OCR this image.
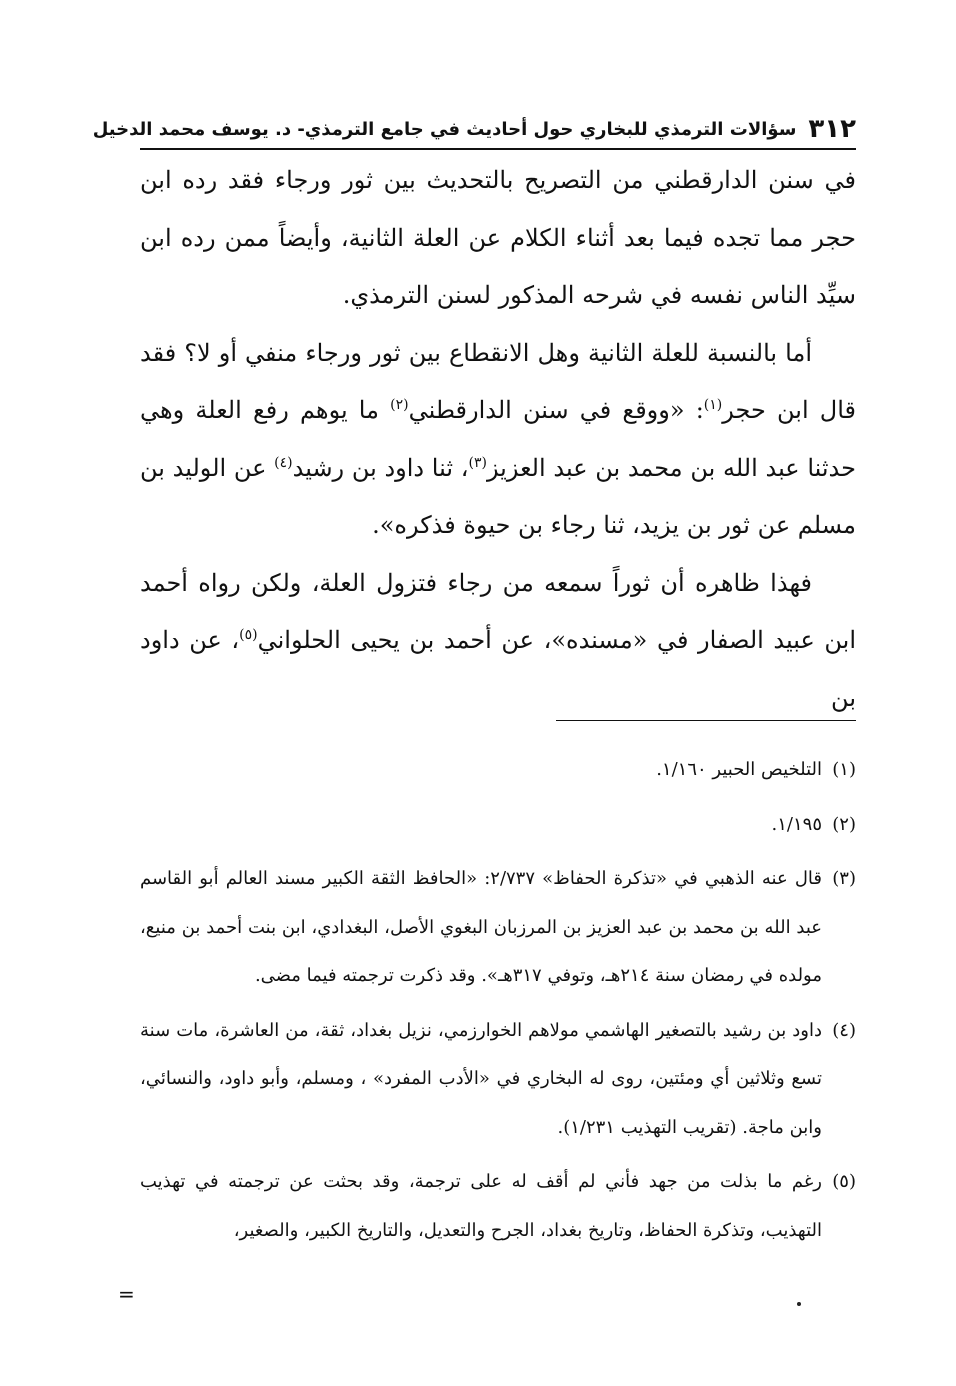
٣١٢
سؤالات الترمذي للبخاري حول أحاديث في جامع الترمذي- د. يوسف محمد الدخيل

في سنن الدارقطني من التصريح بالتحديث بين ثور ورجاء فقد رده ابن حجر مما تجده فيما بعد أثناء الكلام عن العلة الثانية، وأيضاً ممن رده ابن سيِّد الناس نفسه في شرحه المذكور لسنن الترمذي.

أما بالنسبة للعلة الثانية وهل الانقطاع بين ثور ورجاء منفي أو لا؟ فقد قال ابن حجر$^{(١)}$: «ووقع في سنن الدارقطني$^{(٢)}$ ما يوهم رفع العلة وهي حدثنا عبد الله بن محمد بن عبد العزيز$^{(٣)}$، ثنا داود بن رشيد$^{(٤)}$ عن الوليد بن مسلم عن ثور بن يزيد، ثنا رجاء بن حيوة فذكره».

فهذا ظاهره أن ثوراً سمعه من رجاء فتزول العلة، ولكن رواه أحمد ابن عبيد الصفار في «مسنده»، عن أحمد بن يحيى الحلواني$^{(٥)}$، عن داود بن

(١)
التلخيص الحبير ١/١٦٠.
(٢)
١/١٩٥.
(٣)
قال عنه الذهبي في «تذكرة الحفاظ» ٢/٧٣٧: «الحافظ الثقة الكبير مسند العالم أبو القاسم عبد الله بن محمد بن عبد العزيز بن المرزبان البغوي الأصل، البغدادي، ابن بنت أحمد بن منيع، مولده في رمضان سنة ٢١٤هـ، وتوفي ٣١٧هـ». وقد ذكرت ترجمته فيما مضى.
(٤)
داود بن رشيد بالتصغير الهاشمي مولاهم الخوارزمي، نزيل بغداد، ثقة، من العاشرة، مات سنة تسع وثلاثين أي ومئتين، روى له البخاري في «الأدب المفرد» ، ومسلم، وأبو داود، والنسائي، وابن ماجة. (تقريب التهذيب ١/٢٣١).
(٥)
رغم ما بذلت من جهد فأني لم أقف له على ترجمة، وقد بحثت عن ترجمته في تهذيب التهذيب، وتذكرة الحفاظ، وتاريخ بغداد، الجرح والتعديل، والتاريخ الكبير، والصغير،
=
